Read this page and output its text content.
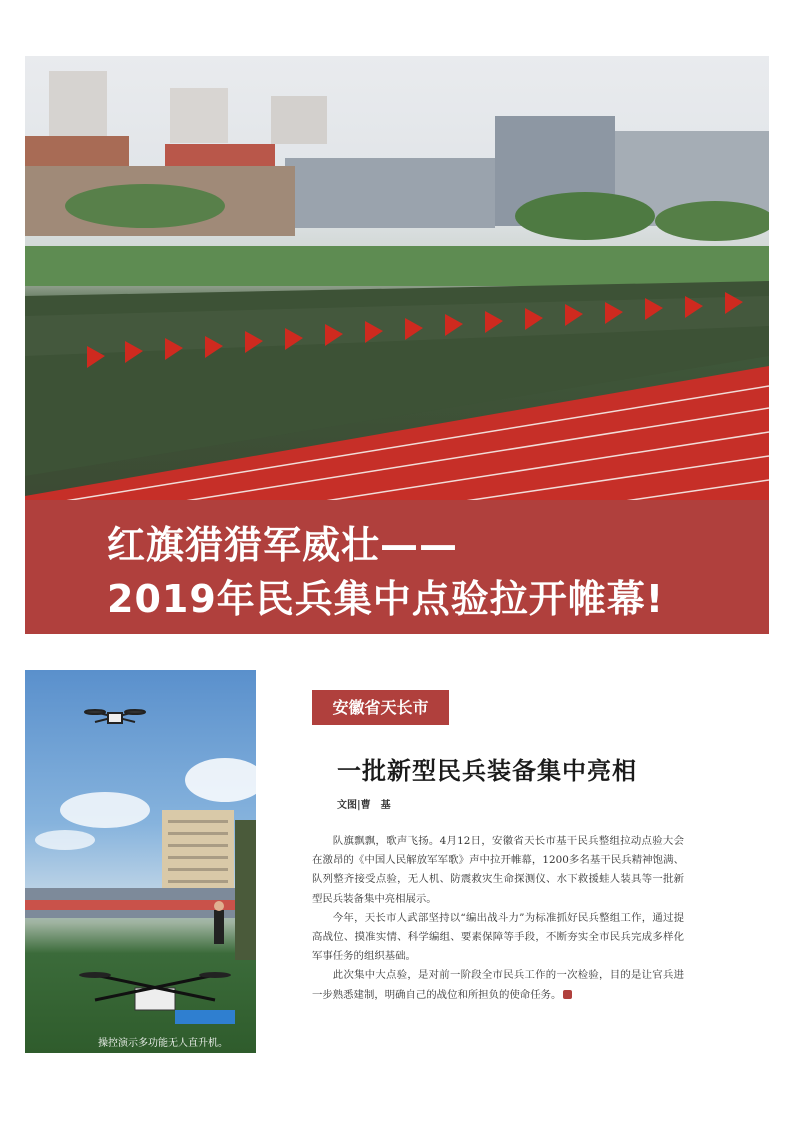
红旗猎猎军威壮——
2019年民兵集中点验拉开帷幕!
操控演示多功能无人直升机。
安徽省天长市
一批新型民兵装备集中亮相
文图|曹　基

队旗飘飘，歌声飞扬。4月12日，安徽省天长市基干民兵整组拉动点验大会在激昂的《中国人民解放军军歌》声中拉开帷幕，1200多名基干民兵精神饱满、队列整齐接受点验，无人机、防震救灾生命探测仪、水下救援蛙人装具等一批新型民兵装备集中亮相展示。

今年，天长市人武部坚持以“编出战斗力”为标准抓好民兵整组工作，通过提高战位、摸准实情、科学编组、要素保障等手段，不断夯实全市民兵完成多样化军事任务的组织基础。

此次集中大点验，是对前一阶段全市民兵工作的一次检验，目的是让官兵进一步熟悉建制，明确自己的战位和所担负的使命任务。
